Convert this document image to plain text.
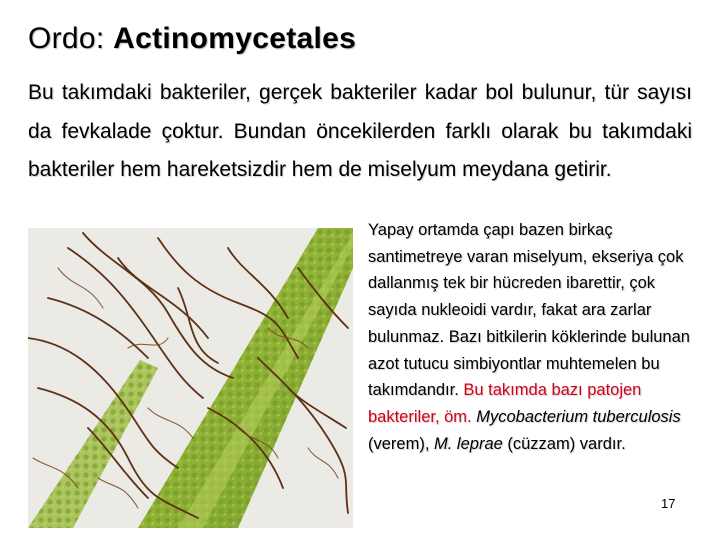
Ordo: Actinomycetales

Bu takımdaki bakteriler, gerçek bakteriler kadar bol bulunur, tür sayısı da fevkalade çoktur. Bundan öncekilerden farklı olarak bu takımdaki bakteriler hem hareketsizdir hem de miselyum meydana getirir.

Yapay ortamda çapı bazen birkaç santimetreye varan miselyum, ekseriya çok dallanmış tek bir hücreden ibarettir, çok sayıda nukleoidi vardır, fakat ara zarlar bulunmaz. Bazı bitkilerin köklerinde bulunan azot tutucu simbiyontlar muhtemelen bu takımdandır. Bu takımda bazı patojen bakteriler, öm. Mycobacterium tuberculosis (verem), M. leprae (cüzzam) vardır.

17
